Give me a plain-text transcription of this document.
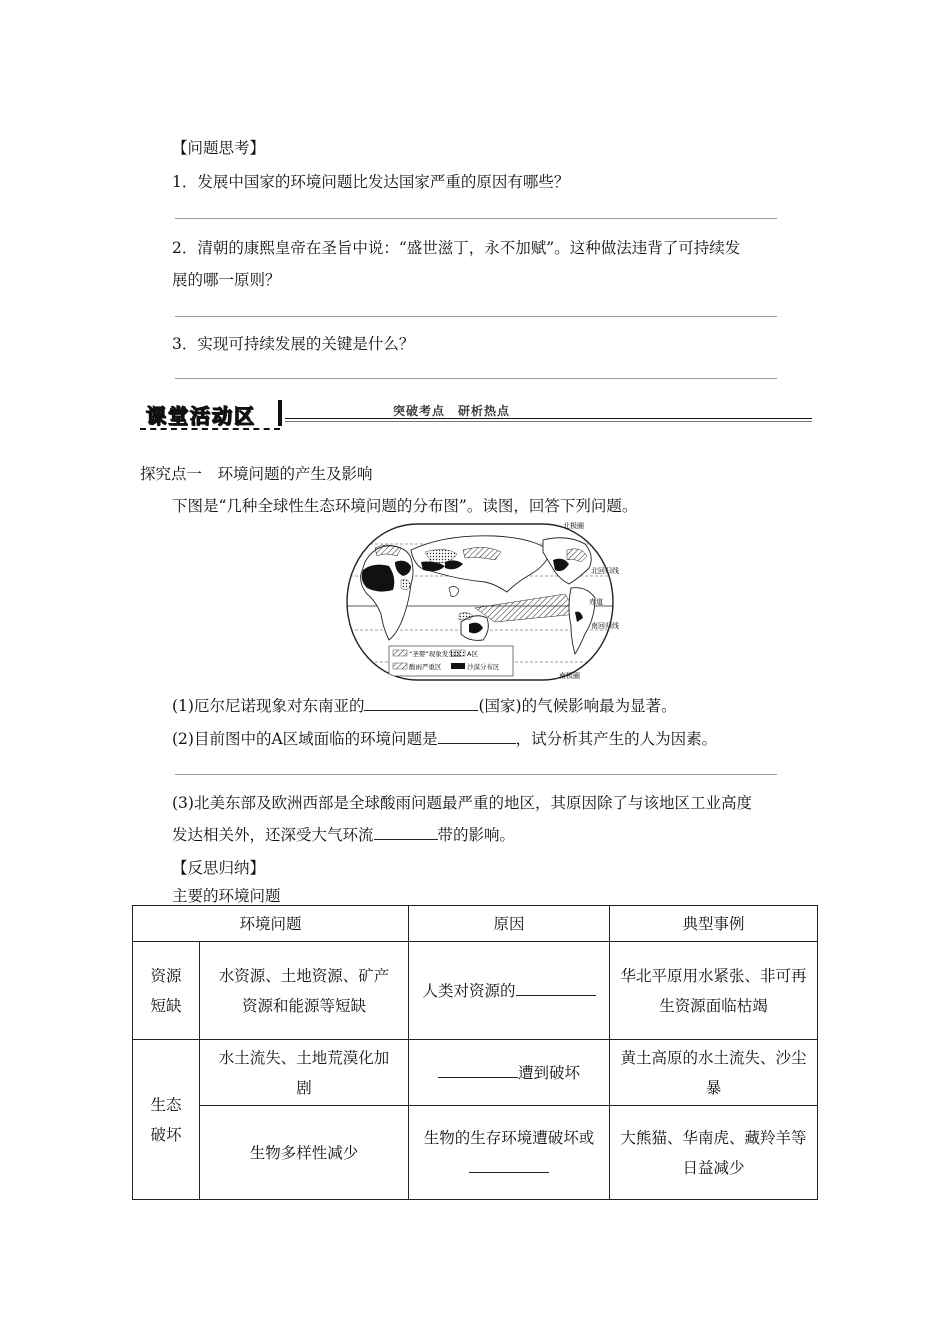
【问题思考】
1．发展中国家的环境问题比发达国家严重的原因有哪些？
2．清朝的康熙皇帝在圣旨中说：“盛世滋丁，永不加赋”。这种做法违背了可持续发
展的哪一原则？
3．实现可持续发展的关键是什么？
课堂活动区	突破考点　研析热点
探究点一　环境问题的产生及影响
下图是“几种全球性生态环境问题的分布图”。读图，回答下列问题。
“圣婴”现象发生区 A区
酸雨严重区	沙漠分布区
北极圈
北回归线
赤道
南回归线
南极圈
(1)厄尔尼诺现象对东南亚的	(国家)的气候影响最为显著。
(2)目前图中的A区域面临的环境问题是	，试分析其产生的人为因素。
(3)北美东部及欧洲西部是全球酸雨问题最严重的地区，其原因除了与该地区工业高度
发达相关外，还深受大气环流	带的影响。
【反思归纳】
主要的环境问题
环境问题		原因	典型事例

资源短缺	水资源、土地资源、矿产资源和能源等短缺	人类对资源的	华北平原用水紧张、非可再生资源面临枯竭

生态破坏	水土流失、土地荒漠化加剧	遭到破坏	黄土高原的水土流失、沙尘暴

	生物多样性减少	生物的生存环境遭破坏或	大熊猫、华南虎、藏羚羊等日益减少
